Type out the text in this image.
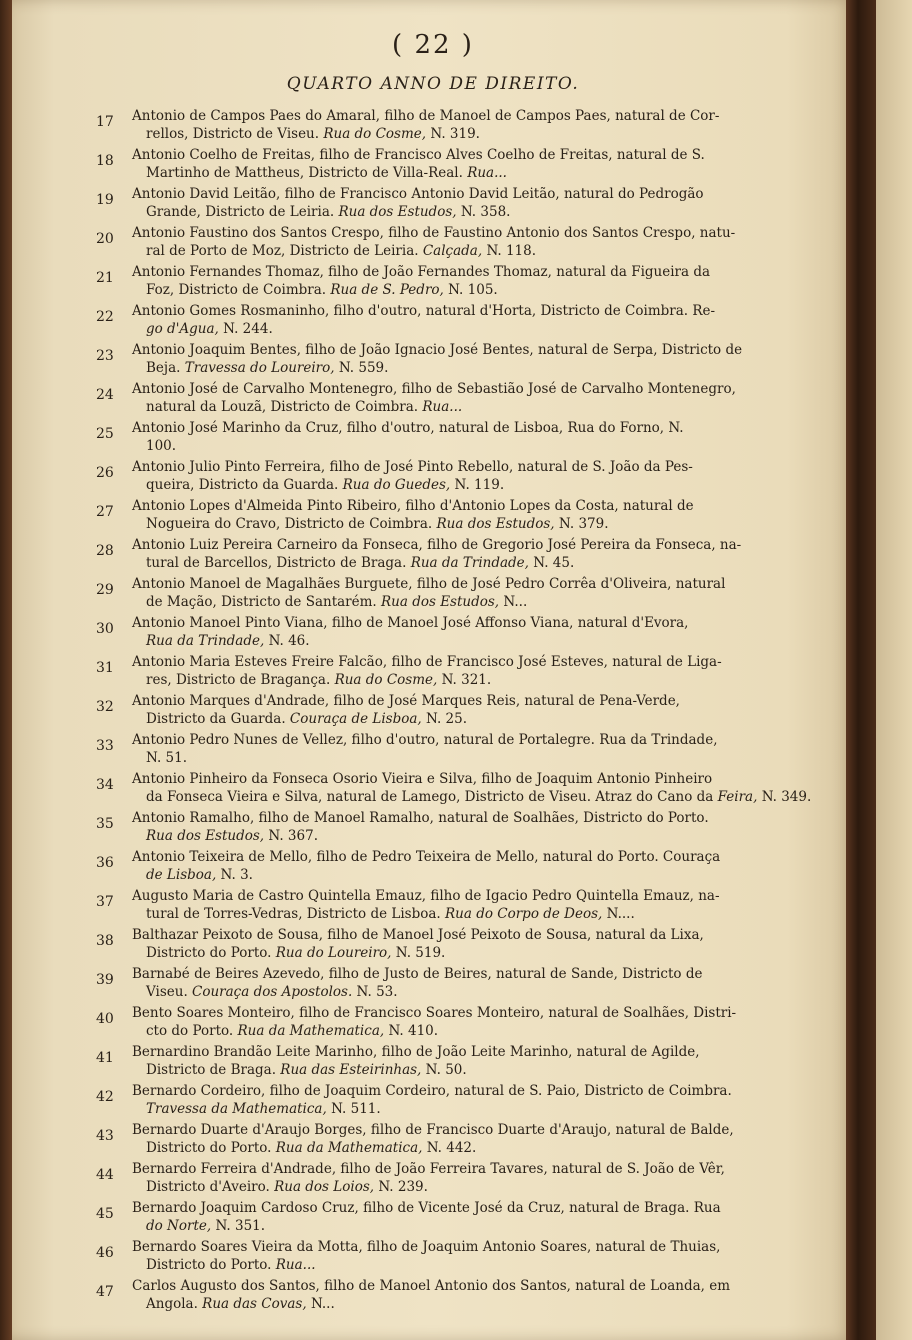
( 22 )
QUARTO ANNO DE DIREITO.
17	Antonio de Campos Paes do Amaral, filho de Manoel de Campos Paes, natural de Cor-
rellos, Districto de Viseu. Rua do Cosme, N. 319.
18	Antonio Coelho de Freitas, filho de Francisco Alves Coelho de Freitas, natural de S.
Martinho de Mattheus, Districto de Villa-Real. Rua...
19	Antonio David Leitão, filho de Francisco Antonio David Leitão, natural do Pedrogão
Grande, Districto de Leiria. Rua dos Estudos, N. 358.
20	Antonio Faustino dos Santos Crespo, filho de Faustino Antonio dos Santos Crespo, natu-
ral de Porto de Moz, Districto de Leiria. Calçada, N. 118.
21	Antonio Fernandes Thomaz, filho de João Fernandes Thomaz, natural da Figueira da
Foz, Districto de Coimbra. Rua de S. Pedro, N. 105.
22	Antonio Gomes Rosmaninho, filho d'outro, natural d'Horta, Districto de Coimbra. Re-
go d'Agua, N. 244.
23	Antonio Joaquim Bentes, filho de João Ignacio José Bentes, natural de Serpa, Districto de
Beja. Travessa do Loureiro, N. 559.
24	Antonio José de Carvalho Montenegro, filho de Sebastião José de Carvalho Montenegro,
natural da Louzã, Districto de Coimbra. Rua...
25	Antonio José Marinho da Cruz, filho d'outro, natural de Lisboa, Rua do Forno, N.
100.
26	Antonio Julio Pinto Ferreira, filho de José Pinto Rebello, natural de S. João da Pes-
queira, Districto da Guarda. Rua do Guedes, N. 119.
27	Antonio Lopes d'Almeida Pinto Ribeiro, filho d'Antonio Lopes da Costa, natural de
Nogueira do Cravo, Districto de Coimbra. Rua dos Estudos, N. 379.
28	Antonio Luiz Pereira Carneiro da Fonseca, filho de Gregorio José Pereira da Fonseca, na-
tural de Barcellos, Districto de Braga. Rua da Trindade, N. 45.
29	Antonio Manoel de Magalhães Burguete, filho de José Pedro Corrêa d'Oliveira, natural
de Mação, Districto de Santarém. Rua dos Estudos, N...
30	Antonio Manoel Pinto Viana, filho de Manoel José Affonso Viana, natural d'Evora,
Rua da Trindade, N. 46.
31	Antonio Maria Esteves Freire Falcão, filho de Francisco José Esteves, natural de Liga-
res, Districto de Bragança. Rua do Cosme, N. 321.
32	Antonio Marques d'Andrade, filho de José Marques Reis, natural de Pena-Verde,
Districto da Guarda. Couraça de Lisboa, N. 25.
33	Antonio Pedro Nunes de Vellez, filho d'outro, natural de Portalegre. Rua da Trindade,
N. 51.
34	Antonio Pinheiro da Fonseca Osorio Vieira e Silva, filho de Joaquim Antonio Pinheiro
da Fonseca Vieira e Silva, natural de Lamego, Districto de Viseu. Atraz do Cano da Feira, N. 349.
35	Antonio Ramalho, filho de Manoel Ramalho, natural de Soalhães, Districto do Porto.
Rua dos Estudos, N. 367.
36	Antonio Teixeira de Mello, filho de Pedro Teixeira de Mello, natural do Porto. Couraça
de Lisboa, N. 3.
37	Augusto Maria de Castro Quintella Emauz, filho de Igacio Pedro Quintella Emauz, na-
tural de Torres-Vedras, Districto de Lisboa. Rua do Corpo de Deos, N....
38	Balthazar Peixoto de Sousa, filho de Manoel José Peixoto de Sousa, natural da Lixa,
Districto do Porto. Rua do Loureiro, N. 519.
39	Barnabé de Beires Azevedo, filho de Justo de Beires, natural de Sande, Districto de
Viseu. Couraça dos Apostolos. N. 53.
40	Bento Soares Monteiro, filho de Francisco Soares Monteiro, natural de Soalhães, Distri-
cto do Porto. Rua da Mathematica, N. 410.
41	Bernardino Brandão Leite Marinho, filho de João Leite Marinho, natural de Agilde,
Districto de Braga. Rua das Esteirinhas, N. 50.
42	Bernardo Cordeiro, filho de Joaquim Cordeiro, natural de S. Paio, Districto de Coimbra.
Travessa da Mathematica, N. 511.
43	Bernardo Duarte d'Araujo Borges, filho de Francisco Duarte d'Araujo, natural de Balde,
Districto do Porto. Rua da Mathematica, N. 442.
44	Bernardo Ferreira d'Andrade, filho de João Ferreira Tavares, natural de S. João de Vêr,
Districto d'Aveiro. Rua dos Loios, N. 239.
45	Bernardo Joaquim Cardoso Cruz, filho de Vicente José da Cruz, natural de Braga. Rua
do Norte, N. 351.
46	Bernardo Soares Vieira da Motta, filho de Joaquim Antonio Soares, natural de Thuias,
Districto do Porto. Rua...
47	Carlos Augusto dos Santos, filho de Manoel Antonio dos Santos, natural de Loanda, em
Angola. Rua das Covas, N...
